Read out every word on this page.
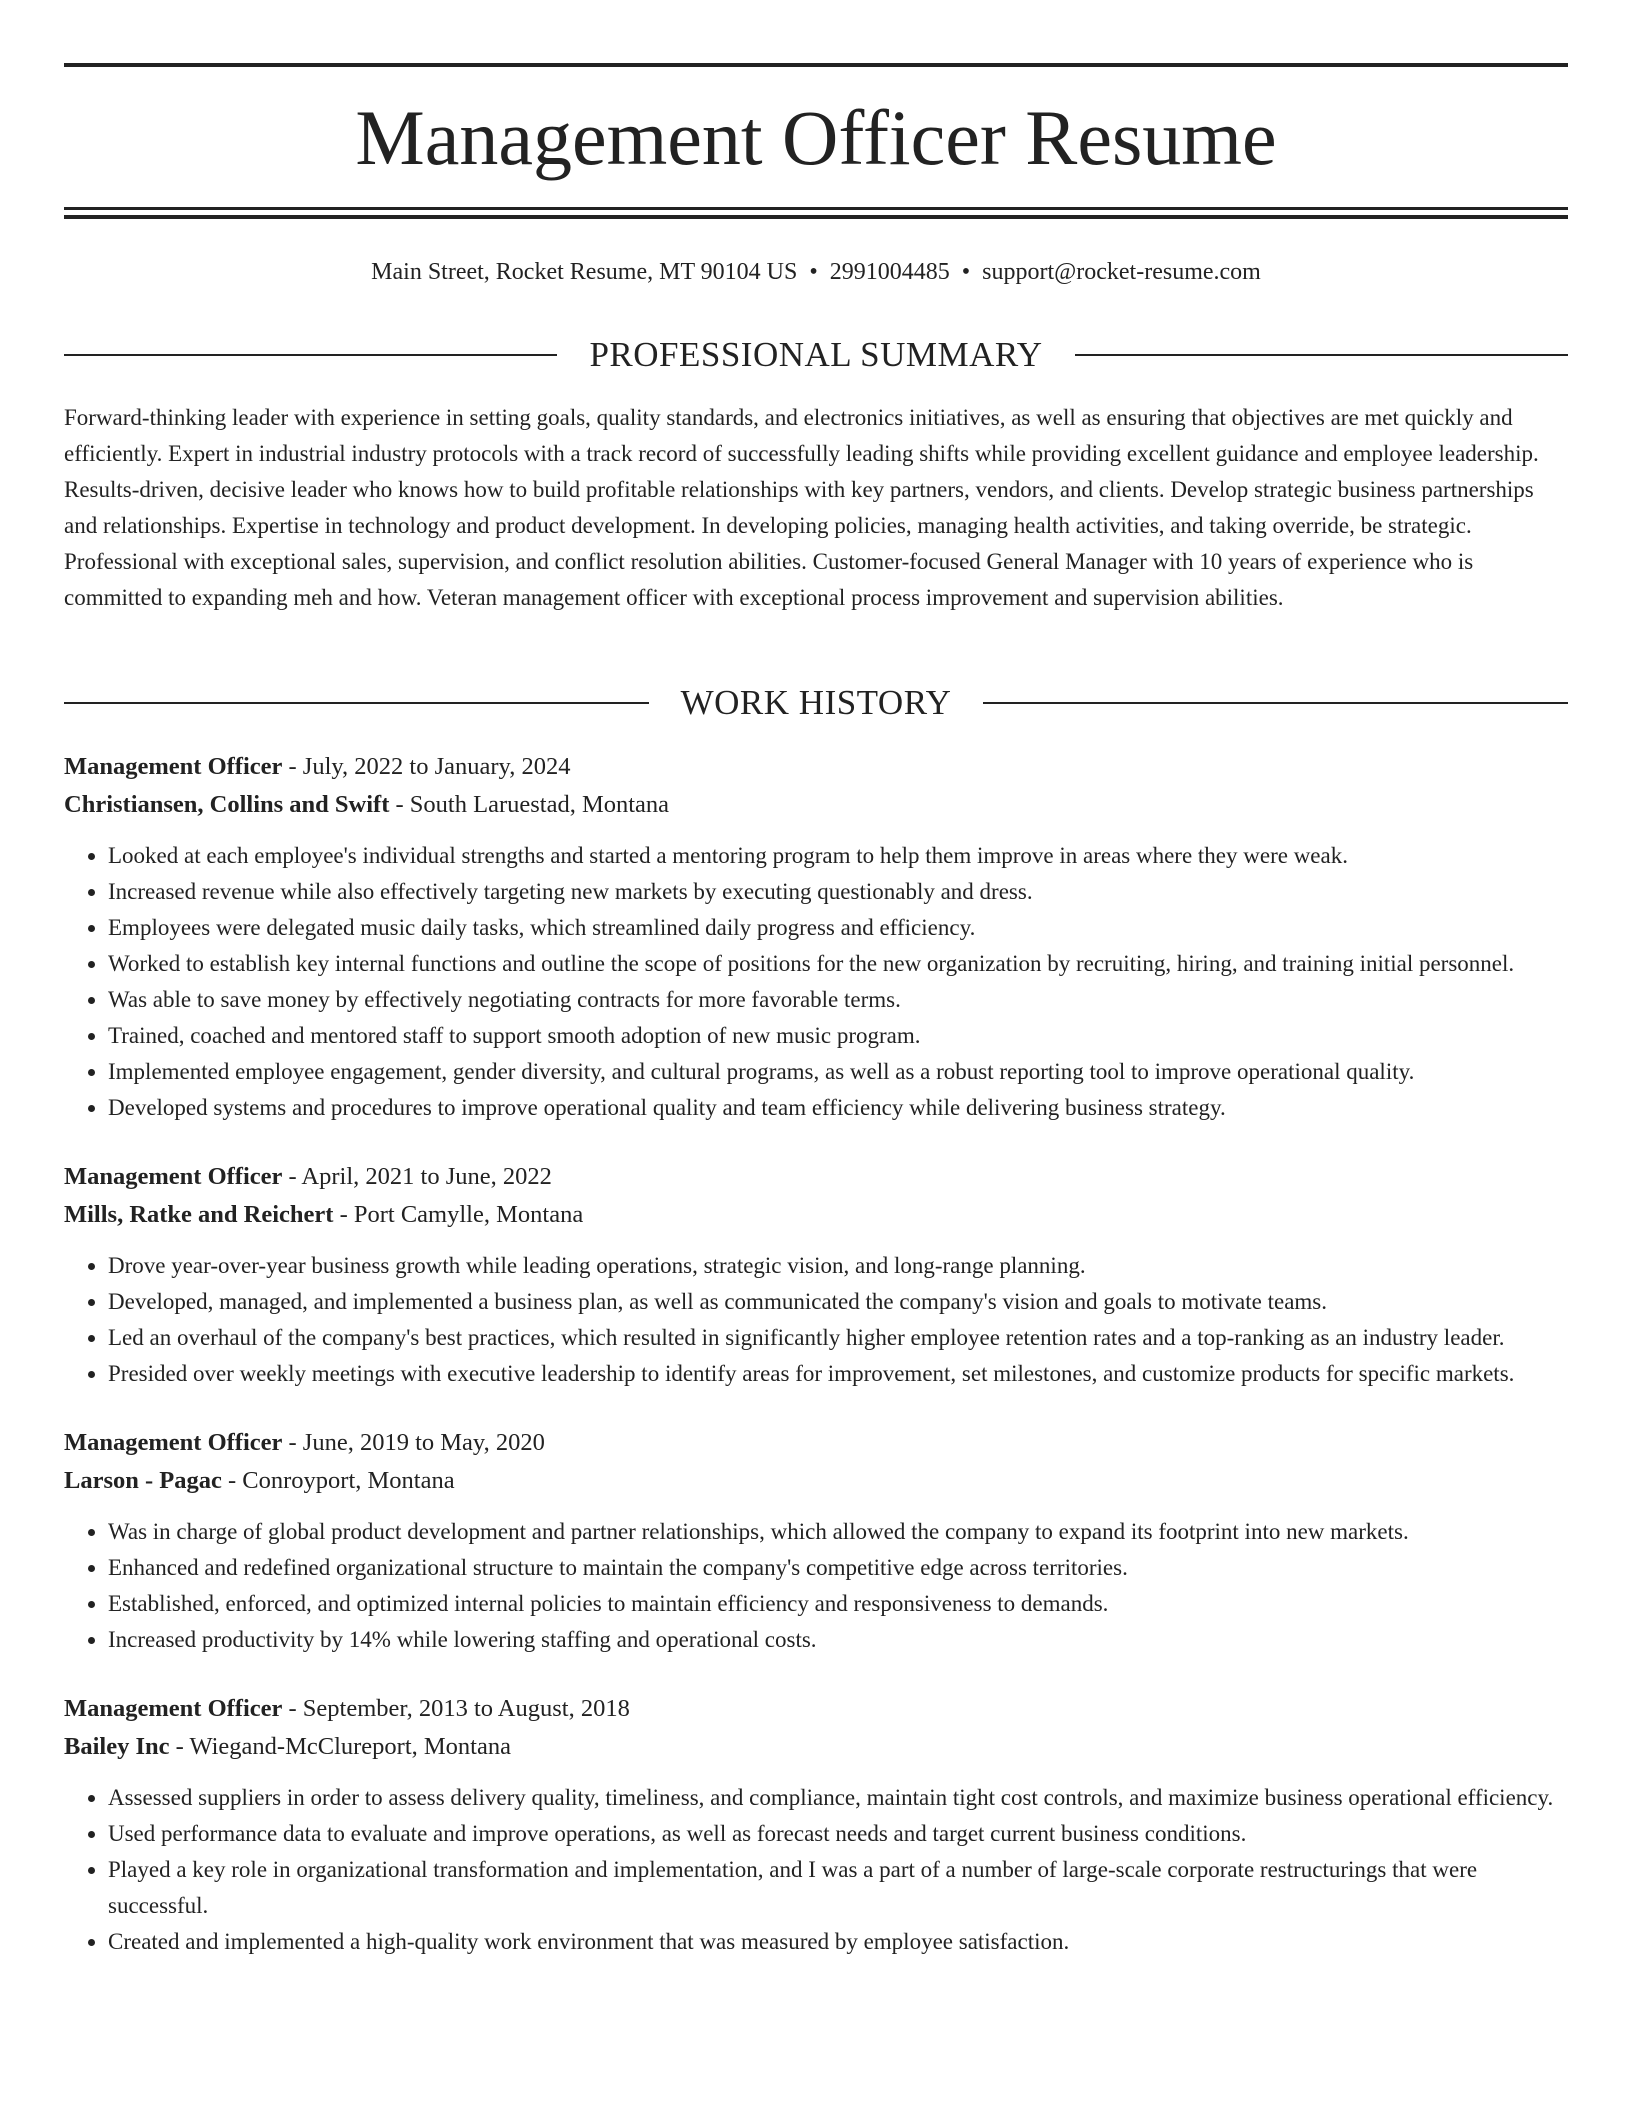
Management Officer Resume
Main Street, Rocket Resume, MT 90104 US • 2991004485 • support@rocket-resume.com
PROFESSIONAL SUMMARY

Forward-thinking leader with experience in setting goals, quality standards, and electronics initiatives, as well as ensuring that objectives are met quickly and efficiently. Expert in industrial industry protocols with a track record of successfully leading shifts while providing excellent guidance and employee leadership. Results-driven, decisive leader who knows how to build profitable relationships with key partners, vendors, and clients. Develop strategic business partnerships and relationships. Expertise in technology and product development. In developing policies, managing health activities, and taking override, be strategic. Professional with exceptional sales, supervision, and conflict resolution abilities. Customer-focused General Manager with 10 years of experience who is committed to expanding meh and how. Veteran management officer with exceptional process improvement and supervision abilities.

WORK HISTORY
Management Officer - July, 2022 to January, 2024
Christiansen, Collins and Swift - South Laruestad, Montana
• Looked at each employee's individual strengths and started a mentoring program to help them improve in areas where they were weak.
• Increased revenue while also effectively targeting new markets by executing questionably and dress.
• Employees were delegated music daily tasks, which streamlined daily progress and efficiency.
• Worked to establish key internal functions and outline the scope of positions for the new organization by recruiting, hiring, and training initial personnel.
• Was able to save money by effectively negotiating contracts for more favorable terms.
• Trained, coached and mentored staff to support smooth adoption of new music program.
• Implemented employee engagement, gender diversity, and cultural programs, as well as a robust reporting tool to improve operational quality.
• Developed systems and procedures to improve operational quality and team efficiency while delivering business strategy.
Management Officer - April, 2021 to June, 2022
Mills, Ratke and Reichert - Port Camylle, Montana
• Drove year-over-year business growth while leading operations, strategic vision, and long-range planning.
• Developed, managed, and implemented a business plan, as well as communicated the company's vision and goals to motivate teams.
• Led an overhaul of the company's best practices, which resulted in significantly higher employee retention rates and a top-ranking as an industry leader.
• Presided over weekly meetings with executive leadership to identify areas for improvement, set milestones, and customize products for specific markets.
Management Officer - June, 2019 to May, 2020
Larson - Pagac - Conroyport, Montana
• Was in charge of global product development and partner relationships, which allowed the company to expand its footprint into new markets.
• Enhanced and redefined organizational structure to maintain the company's competitive edge across territories.
• Established, enforced, and optimized internal policies to maintain efficiency and responsiveness to demands.
• Increased productivity by 14% while lowering staffing and operational costs.
Management Officer - September, 2013 to August, 2018
Bailey Inc - Wiegand-McClureport, Montana
• Assessed suppliers in order to assess delivery quality, timeliness, and compliance, maintain tight cost controls, and maximize business operational efficiency.
• Used performance data to evaluate and improve operations, as well as forecast needs and target current business conditions.
• Played a key role in organizational transformation and implementation, and I was a part of a number of large-scale corporate restructurings that were successful.
• Created and implemented a high-quality work environment that was measured by employee satisfaction.
